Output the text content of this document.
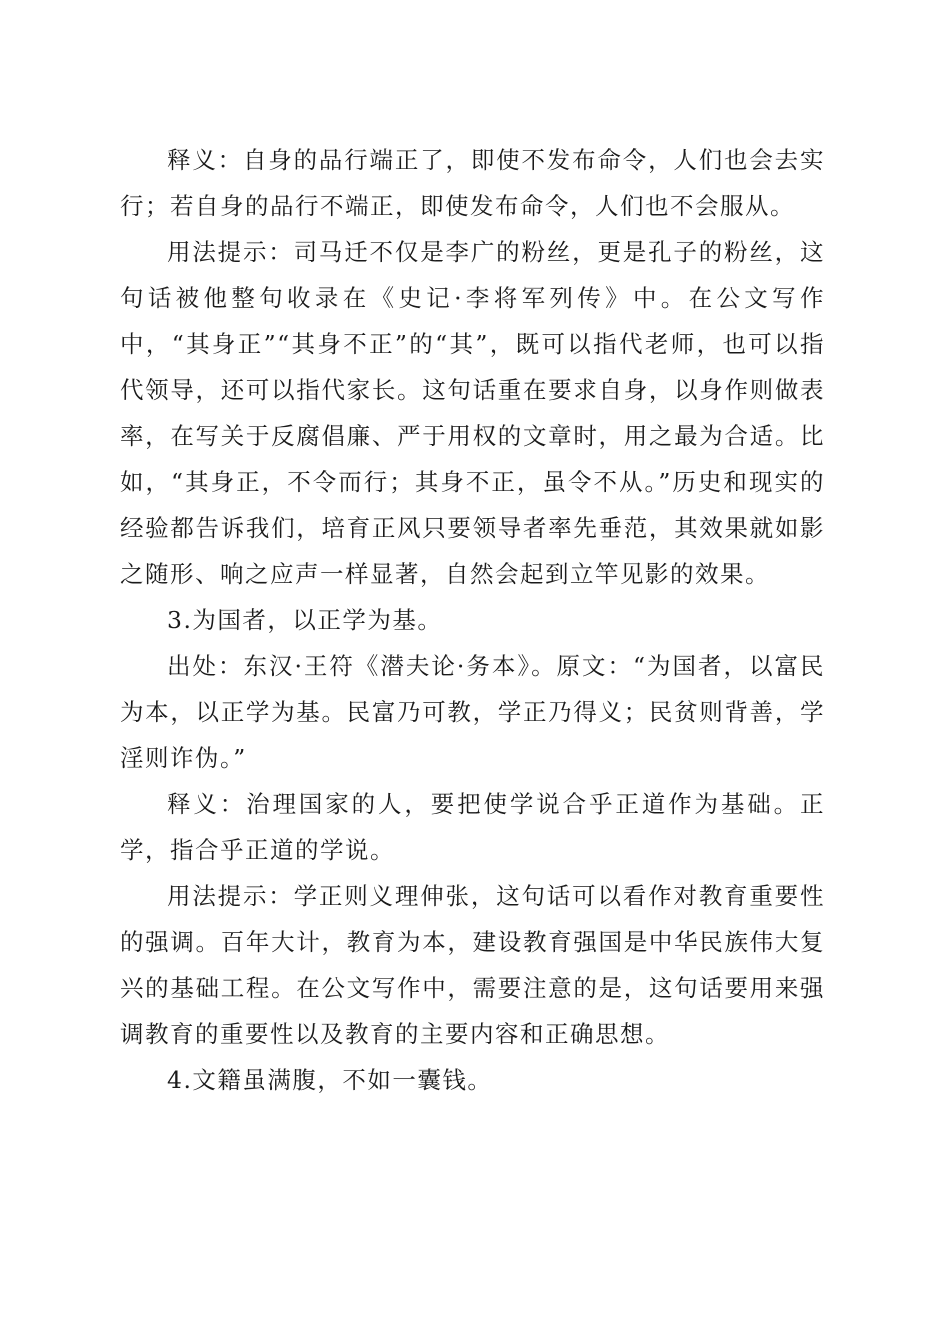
释义：自身的品行端正了，即使不发布命令，人们也会去实行；若自身的品行不端正，即使发布命令，人们也不会服从。

用法提示：司马迁不仅是李广的粉丝，更是孔子的粉丝，这句话被他整句收录在《史记·李将军列传》中。在公文写作中，“其身正”“其身不正”的“其”，既可以指代老师，也可以指代领导，还可以指代家长。这句话重在要求自身，以身作则做表率，在写关于反腐倡廉、严于用权的文章时，用之最为合适。比如，“其身正，不令而行；其身不正，虽令不从。”历史和现实的经验都告诉我们，培育正风只要领导者率先垂范，其效果就如影之随形、响之应声一样显著，自然会起到立竿见影的效果。

3.为国者，以正学为基。

出处：东汉·王符《潜夫论·务本》。原文：“为国者，以富民为本，以正学为基。民富乃可教，学正乃得义；民贫则背善，学淫则诈伪。”

释义：治理国家的人，要把使学说合乎正道作为基础。正学，指合乎正道的学说。

用法提示：学正则义理伸张，这句话可以看作对教育重要性的强调。百年大计，教育为本，建设教育强国是中华民族伟大复兴的基础工程。在公文写作中，需要注意的是，这句话要用来强调教育的重要性以及教育的主要内容和正确思想。

4.文籍虽满腹，不如一囊钱。
